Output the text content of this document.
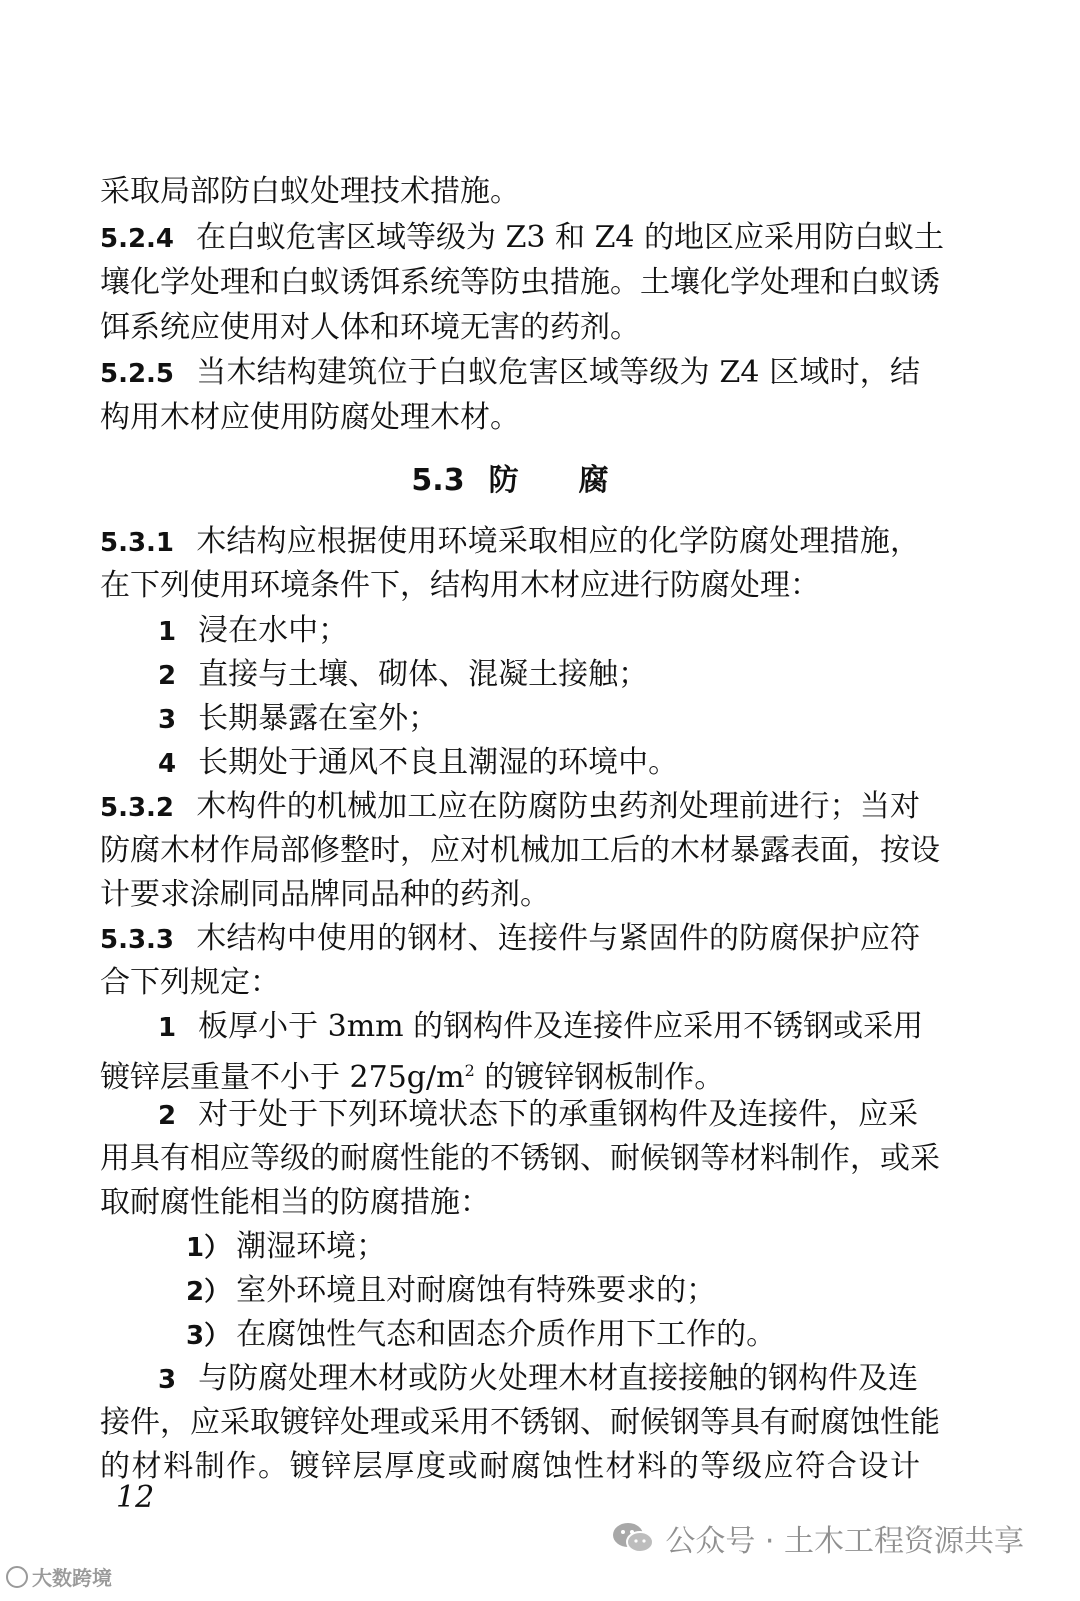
采取局部防白蚁处理技术措施。
5.2.4 在白蚁危害区域等级为 Z3 和 Z4 的地区应采用防白蚁土
壤化学处理和白蚁诱饵系统等防虫措施。土壤化学处理和白蚁诱
饵系统应使用对人体和环境无害的药剂。
5.2.5 当木结构建筑位于白蚁危害区域等级为 Z4 区域时，结
构用木材应使用防腐处理木材。
5.3 防腐
5.3.1 木结构应根据使用环境采取相应的化学防腐处理措施，
在下列使用环境条件下，结构用木材应进行防腐处理：
1 浸在水中；
2 直接与土壤、砌体、混凝土接触；
3 长期暴露在室外；
4 长期处于通风不良且潮湿的环境中。
5.3.2 木构件的机械加工应在防腐防虫药剂处理前进行；当对
防腐木材作局部修整时，应对机械加工后的木材暴露表面，按设
计要求涂刷同品牌同品种的药剂。
5.3.3 木结构中使用的钢材、连接件与紧固件的防腐保护应符
合下列规定：
1 板厚小于 3mm 的钢构件及连接件应采用不锈钢或采用
镀锌层重量不小于 $275g/m^2$ 的镀锌钢板制作。
2 对于处于下列环境状态下的承重钢构件及连接件，应采
用具有相应等级的耐腐性能的不锈钢、耐候钢等材料制作，或采
取耐腐性能相当的防腐措施：
1） 潮湿环境；
2） 室外环境且对耐腐蚀有特殊要求的；
3） 在腐蚀性气态和固态介质作用下工作的。
3 与防腐处理木材或防火处理木材直接接触的钢构件及连
接件，应采取镀锌处理或采用不锈钢、耐候钢等具有耐腐蚀性能
的材料制作。镀锌层厚度或耐腐蚀性材料的等级应符合设计
12
公众号 · 土木工程资源共享
大数跨境
